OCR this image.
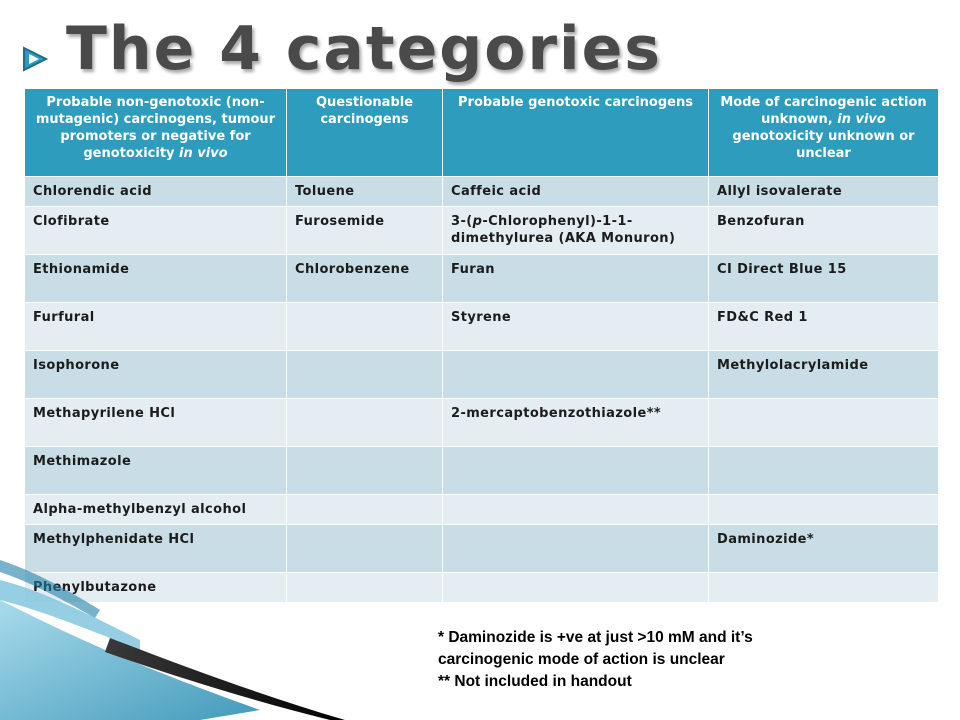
The 4 categories
Probable non-genotoxic (non-mutagenic) carcinogens, tumour promoters or negative for genotoxicity in vivo	Questionable carcinogens	Probable genotoxic carcinogens	Mode of carcinogenic action unknown, in vivo genotoxicity unknown or unclear
Chlorendic acid	Toluene	Caffeic acid	Allyl isovalerate
Clofibrate	Furosemide	3-(p-Chlorophenyl)-1-1-dimethylurea (AKA Monuron)	Benzofuran
Ethionamide	Chlorobenzene	Furan	CI Direct Blue 15
Furfural		Styrene	FD&C Red 1
Isophorone			Methylolacrylamide
Methapyrilene HCl		2-mercaptobenzothiazole**	
Methimazole			
Alpha-methylbenzyl alcohol			
Methylphenidate HCl			Daminozide*
Phenylbutazone			
* Daminozide is +ve at just >10 mM and it’s
carcinogenic mode of action is unclear
** Not included in handout
